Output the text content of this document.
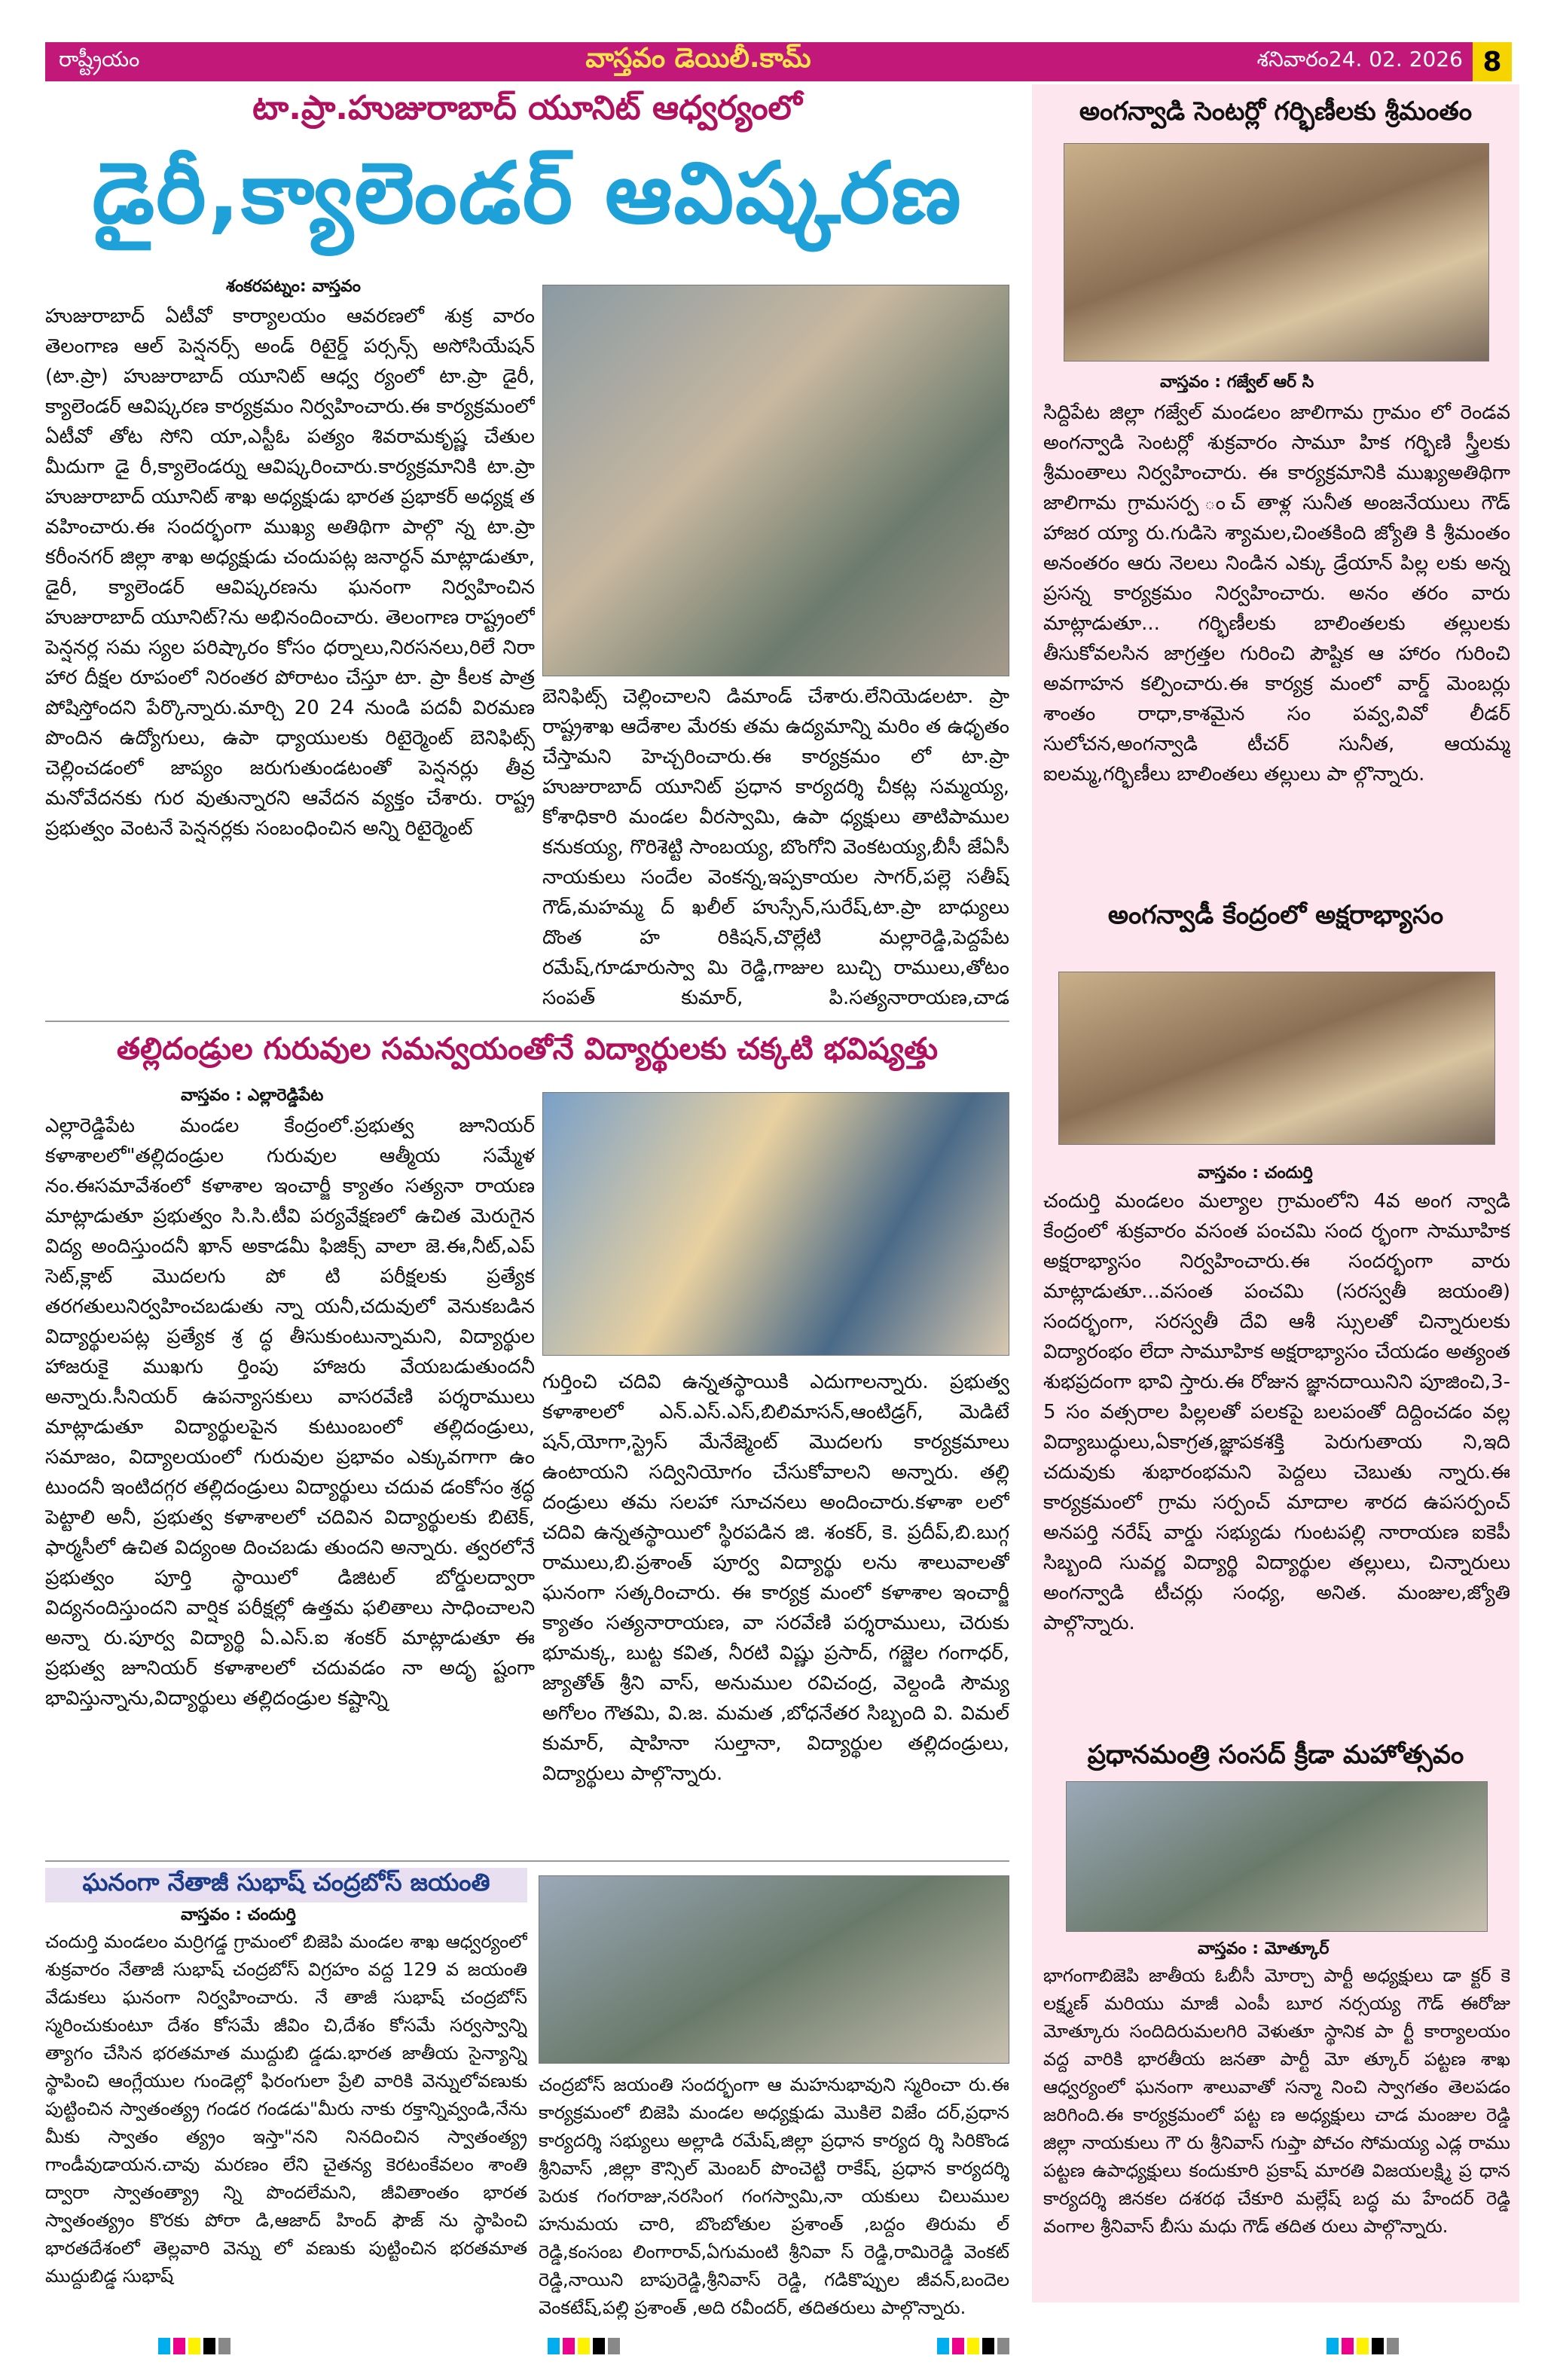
రాష్ట్రీయం	వాస్తవం డెయిలీ.కామ్	శనివారం24. 02. 2026 8
టా.ప్రా.హుజురాబాద్ యూనిట్ ఆధ్వర్యంలో
డైరీ,క్యాలెండర్ ఆవిష్కరణ
శంకరపట్నం: వాస్తవం
హుజురాబాద్ ఏటీవో కార్యాలయం ఆవరణలో శుక్ర వారం తెలంగాణ ఆల్ పెన్షనర్స్ అండ్ రిటైర్డ్ పర్సన్స్ అసోసియేషన్ (టా.ప్రా) హుజురాబాద్ యూనిట్ ఆధ్వ ర్యంలో టా.ప్రా డైరీ, క్యాలెండర్ ఆవిష్కరణ కార్యక్రమం నిర్వహించారు.ఈ కార్యక్రమంలో ఏటీవో తోట సోని యా,ఎస్టీఓ పత్యం శివరామకృష్ణ చేతుల మీదుగా డై రీ,క్యాలెండర్ను ఆవిష్కరించారు.కార్యక్రమానికి టా.ప్రా హుజురాబాద్ యూనిట్ శాఖ అధ్యక్షుడు భారత ప్రభాకర్ అధ్యక్ష త వహించారు.ఈ సందర్భంగా ముఖ్య అతిథిగా పాల్గొ న్న టా.ప్రా కరీంనగర్ జిల్లా శాఖ అధ్యక్షుడు చందుపట్ల జనార్ధన్ మాట్లాడుతూ, డైరీ, క్యాలెండర్ ఆవిష్కరణను ఘనంగా నిర్వహించిన హుజురాబాద్ యూనిట్?ను అభినందించారు. తెలంగాణ రాష్ట్రంలో పెన్షనర్ల సమ స్యల పరిష్కారం కోసం ధర్నాలు,నిరసనలు,రిలే నిరా హార దీక్షల రూపంలో నిరంతర పోరాటం చేస్తూ టా. ప్రా కీలక పాత్ర పోషిస్తోందని పేర్కొన్నారు.మార్చి 20 24 నుండి పదవీ విరమణ పొందిన ఉద్యోగులు, ఉపా ధ్యాయులకు రిటైర్మెంట్ బెనిఫిట్స్ చెల్లించడంలో జాప్యం జరుగుతుండటంతో పెన్షనర్లు తీవ్ర మనోవేదనకు గుర వుతున్నారని ఆవేదన వ్యక్తం చేశారు. రాష్ట్ర ప్రభుత్వం వెంటనే పెన్షనర్లకు సంబంధించిన అన్ని రిటైర్మెంట్
బెనిఫిట్స్ చెల్లించాలని డిమాండ్ చేశారు.లేనియెడలటా. ప్రా రాష్ట్రశాఖ ఆదేశాల మేరకు తమ ఉద్యమాన్ని మరిం త ఉధృతం చేస్తామని హెచ్చరించారు.ఈ కార్యక్రమం లో టా.ప్రా హుజురాబాద్ యూనిట్ ప్రధాన కార్యదర్శి చీకట్ల సమ్మయ్య, కోశాధికారి మండల వీరస్వామి, ఉపా ధ్యక్షులు తాటిపాముల కనుకయ్య, గొరిశెట్టి సాంబయ్య, బొంగోని వెంకటయ్య,బీసీ జేఏసీ నాయకులు సందేల వెంకన్న,ఇప్పకాయల సాగర్,పల్లె సతీష్ గౌడ్,మహమ్మ ద్ ఖలీల్ హుస్సేన్,సురేష్,టా.ప్రా బాధ్యులు దొంత హ రికిషన్,చొల్లేటి మల్లారెడ్డి,పెద్దపేట రమేష్,గూడూరుస్వా మి రెడ్డి,గాజుల బుచ్చి రాములు,తోటం సంపత్ కుమార్, పి.సత్యనారాయణ,చాడ
తల్లిదండ్రుల గురువుల సమన్వయంతోనే విద్యార్థులకు చక్కటి భవిష్యత్తు
వాస్తవం : ఎల్లారెడ్డిపేట
ఎల్లారెడ్డిపేట మండల కేంద్రంలో.ప్రభుత్వ జూనియర్ కళాశాలలో"తల్లిదండ్రుల గురువుల ఆత్మీయ సమ్మేళ నం.ఈసమావేశంలో కళాశాల ఇంచార్జీ క్యాతం సత్యనా రాయణ మాట్లాడుతూ ప్రభుత్వం సి.సి.టీవి పర్యవేక్షణలో ఉచిత మెరుగైన విద్య అందిస్తుందనీ ఖాన్ అకాడమీ ఫిజిక్స్ వాలా జె.ఈ,నీట్,ఎప్ సెట్,క్లాట్ మొదలగు పో టి పరీక్షలకు ప్రత్యేక తరగతులునిర్వహించబడుతు న్నా యనీ,చదువులో వెనుకబడిన విద్యార్థులపట్ల ప్రత్యేక శ్ర ద్ధ తీసుకుంటున్నామని, విద్యార్థుల హాజరుకై ముఖగు ర్తింపు హాజరు వేయబడుతుందనీ అన్నారు.సీనియర్ ఉపన్యాసకులు వాసరవేణి పర్శరాములు మాట్లాడుతూ విద్యార్థులపైన కుటుంబంలో తల్లిదండ్రులు, సమాజం, విద్యాలయంలో గురువుల ప్రభావం ఎక్కువగాగా ఉం టుందనీ ఇంటిదగ్గర తల్లిదండ్రులు విద్యార్థులు చదువ డంకోసం శ్రద్ధ పెట్టాలి అనీ, ప్రభుత్వ కళాశాలలో చదివిన విద్యార్థులకు బిటెక్, ఫార్మసీలో ఉచిత విద్యంఅ దించబడు తుందని అన్నారు. త్వరలోనే ప్రభుత్వం పూర్తి స్థాయిలో డిజిటల్ బోర్డులద్వారా విద్యనందిస్తుందని వార్షిక పరీక్షల్లో ఉత్తమ ఫలితాలు సాధించాలని అన్నా రు.పూర్వ విద్యార్థి ఏ.ఎస్.ఐ శంకర్ మాట్లాడుతూ ఈ ప్రభుత్వ జూనియర్ కళాశాలలో చదువడం నా అదృ ష్టంగా భావిస్తున్నాను,విద్యార్థులు తల్లిదండ్రుల కష్టాన్ని
గుర్తించి చదివి ఉన్నతస్థాయికి ఎదుగాలన్నారు. ప్రభుత్వ కళాశాలలో ఎన్.ఎస్.ఎస్,బిలిమాసన్,ఆంటిడ్రగ్, మెడిటే షన్,యోగా,స్ట్రెస్ మేనేజ్మెంట్ మొదలగు కార్యక్రమాలు ఉంటాయని సద్వినియోగం చేసుకోవాలని అన్నారు. తల్లి దండ్రులు తమ సలహా సూచనలు అందించారు.కళాశా లలో చదివి ఉన్నతస్థాయిలో స్థిరపడిన జి. శంకర్, కె. ప్రదీప్,బి.బుగ్గ రాములు,బి.ప్రశాంత్ పూర్వ విద్యార్థు లను శాలువాలతో ఘనంగా సత్కరించారు. ఈ కార్యక్ర మంలో కళాశాల ఇంచార్జీ క్యాతం సత్యనారాయణ, వా సరవేణి పర్శరాములు, చెరుకు భూమక్క, బుట్ట కవిత, నీరటి విష్ణు ప్రసాద్, గజ్జెల గంగాధర్, జ్యాతోత్ శ్రీని వాస్, అనుముల రవిచంద్ర, వెల్దండి సౌమ్య అగోలం గౌతమి, వి.జ. మమత ,బోధనేతర సిబ్బంది వి. విమల్ కుమార్, షాహినా సుల్తానా, విద్యార్థుల తల్లిదండ్రులు, విద్యార్థులు పాల్గొన్నారు.
ఘనంగా నేతాజీ సుభాష్ చంద్రబోస్ జయంతి
వాస్తవం : చందుర్తి
చందుర్తి మండలం మర్రిగడ్డ గ్రామంలో బిజెపి మండల శాఖ ఆధ్వర్యంలో శుక్రవారం నేతాజీ సుభాష్ చంద్రబోస్ విగ్రహం వద్ద 129 వ జయంతి వేడుకలు ఘనంగా నిర్వహించారు. నే తాజీ సుభాష్ చంద్రబోస్ స్మరించుకుంటూ దేశం కోసమే జీవిం చి,దేశం కోసమే సర్వస్వాన్ని త్యాగం చేసిన భరతమాత ముద్దుబి డ్డడు.భారత జాతీయ సైన్యాన్ని స్థాపించి ఆంగ్లేయుల గుండెల్లో ఫిరంగులా ప్రేలి వారికి వెన్నులోవణుకు పుట్టించిన స్వాతంత్య్ర గండర గండడు"మీరు నాకు రక్తాన్నివ్వండి,నేను మీకు స్వాతం త్య్రం ఇస్తా"నని నినదించిన స్వాతంత్య్ర గాండీవుడాయన.చావు మరణం లేని చైతన్య కెరటంకేవలం శాంతి ద్వారా స్వాతంత్య్రా న్ని పొందలేమని, జీవితాంతం భారత స్వాతంత్య్రం కొరకు పోరా డి,ఆజాద్ హింద్ ఫౌజ్ ను స్థాపించి భారతదేశంలో తెల్లవారి వెన్ను లో వణుకు పుట్టించిన భరతమాత ముద్దుబిడ్డ సుభాష్
చంద్రబోస్ జయంతి సందర్భంగా ఆ మహనుభావుని స్మరించా రు.ఈ కార్యక్రమంలో బిజెపి మండల అధ్యక్షుడు మొకిలె విజేం దర్,ప్రధాన కార్యదర్శి సభ్యులు అల్లాడి రమేష్,జిల్లా ప్రధాన కార్యద ర్శి సిరికొండ శ్రీనివాస్ ,జిల్లా కౌన్సిల్ మెంబర్ పొంచెట్టి రాకేష్, ప్రధాన కార్యదర్శి పెరుక గంగరాజు,నరసింగ గంగస్వామి,నా యకులు చిలుముల హనుమయ చారి, బొంబోతుల ప్రశాంత్ ,బద్దం తిరుమ ల్ రెడ్డి,కంసంబ లింగారావ్,ఏగుమంటి శ్రీనివా స్ రెడ్డి,రామిరెడ్డి వెంకట్ రెడ్డి,నాయిని బాపురెడ్డి,శ్రీనివాస్ రెడ్డి, గడికొప్పుల జీవన్,బందెల వెంకటేష్,పల్లి ప్రశాంత్ ,అది రవీందర్, తదితరులు పాల్గొన్నారు.
అంగన్వాడి సెంటర్లో గర్భిణీలకు శ్రీమంతం
వాస్తవం : గజ్వేల్ ఆర్ సి
సిద్దిపేట జిల్లా గజ్వేల్ మండలం జాలిగామ గ్రామం లో రెండవ అంగన్వాడి సెంటర్లో శుక్రవారం సామూ హిక గర్భిణి స్త్రీలకు శ్రీమంతాలు నిర్వహించారు. ఈ కార్యక్రమానికి ముఖ్యఅతిథిగా జాలిగామ గ్రామసర్ప ంచ్ తాళ్ల సునీత అంజనేయులు గౌడ్ హాజర య్యా రు.గుడిసె శ్యామల,చింతకింది జ్యోతి కి శ్రీమంతం అనంతరం ఆరు నెలలు నిండిన ఎక్కు డ్రేయాన్ పిల్ల లకు అన్న ప్రసన్న కార్యక్రమం నిర్వహించారు. అనం తరం వారు మాట్లాడుతూ... గర్భిణీలకు బాలింతలకు తల్లులకు తీసుకోవలసిన జాగ్రత్తల గురించి పౌష్టిక ఆ హారం గురించి అవగాహన కల్పించారు.ఈ కార్యక్ర మంలో వార్డ్ మెంబర్లు శాంతం రాధా,కాశమైన సం పవ్వ,వివో లీడర్ సులోచన,అంగన్వాడి టీచర్ సునీత, ఆయమ్మ ఐలమ్మ,గర్భిణీలు బాలింతలు తల్లులు పా ల్గొన్నారు.
అంగన్వాడీ కేంద్రంలో అక్షరాభ్యాసం
వాస్తవం : చందుర్తి
చందుర్తి మండలం మల్యాల గ్రామంలోని 4వ అంగ న్వాడి కేంద్రంలో శుక్రవారం వసంత పంచమి సంద ర్భంగా సామూహిక అక్షరాభ్యాసం నిర్వహించారు.ఈ సందర్భంగా వారు మాట్లాడుతూ...వసంత పంచమి (సరస్వతీ జయంతి) సందర్భంగా, సరస్వతీ దేవి ఆశీ స్సులతో చిన్నారులకు విద్యారంభం లేదా సామూహిక అక్షరాభ్యాసం చేయడం అత్యంత శుభప్రదంగా భావి స్తారు.ఈ రోజున జ్ఞానదాయినిని పూజించి,3-5 సం వత్సరాల పిల్లలతో పలకపై బలపంతో దిద్దించడం వల్ల విద్యాబుద్ధులు,ఏకాగ్రత,జ్ఞాపకశక్తి పెరుగుతాయ ని,ఇది చదువుకు శుభారంభమని పెద్దలు చెబుతు న్నారు.ఈ కార్యక్రమంలో గ్రామ సర్పంచ్ మాదాల శారద ఉపసర్పంచ్ అనపర్తి నరేష్ వార్డు సభ్యుడు గుంటపల్లి నారాయణ ఐకెపీ సిబ్బంది సువర్ణ విద్యార్థి విద్యార్థుల తల్లులు, చిన్నారులు అంగన్వాడి టీచర్లు సంధ్య, అనిత. మంజుల,జ్యోతి పాల్గొన్నారు.
ప్రధానమంత్రి సంసద్ క్రీడా మహోత్సవం
వాస్తవం : మోత్కూర్
భాగంగాబిజెపి జాతీయ ఓబీసీ మోర్చా పార్టీ అధ్యక్షులు డా క్టర్ కె లక్ష్మణ్ మరియు మాజీ ఎంపీ బూర నర్సయ్య గౌడ్ ఈరోజు మోత్కూరు సందిదిరుమలగిరి వెళుతూ స్థానిక పా ర్టీ కార్యాలయం వద్ద వారికి భారతీయ జనతా పార్టీ మో త్కూర్ పట్టణ శాఖ ఆధ్వర్యంలో ఘనంగా శాలువాతో సన్మా నించి స్వాగతం తెలపడం జరిగింది.ఈ కార్యక్రమంలో పట్ట ణ అధ్యక్షులు చాడ మంజుల రెడ్డి జిల్లా నాయకులు గౌ రు శ్రీనివాస్ గుప్తా పోచం సోమయ్య ఎడ్ల రాము పట్టణ ఉపాధ్యక్షులు కందుకూరి ప్రకాష్ మారతి విజయలక్ష్మి ప్ర ధాన కార్యదర్శి జినకల దశరథ చేకూరి మల్లేష్ బద్ధ మ హేందర్ రెడ్డి వంగాల శ్రీనివాస్ బీసు మధు గౌడ్ తదిత రులు పాల్గొన్నారు.
